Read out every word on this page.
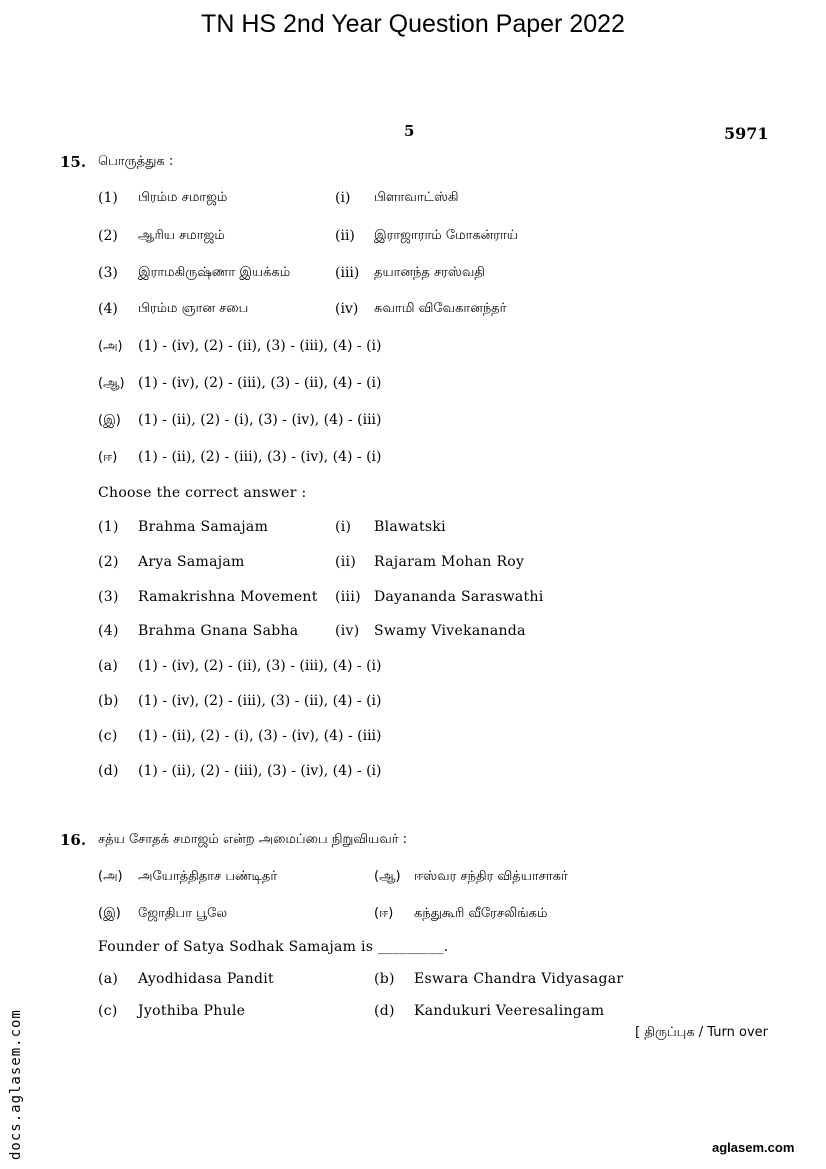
TN HS 2nd Year Question Paper 2022
5	5971
15. பொருத்துக :
(1) பிரம்ம சமாஜம்	(i) பிளாவாட்ஸ்கி
(2) ஆரிய சமாஜம்	(ii) இராஜாராம் மோகன்ராய்
(3) இராமகிருஷ்ணா இயக்கம்	(iii) தயானந்த சரஸ்வதி
(4) பிரம்ம ஞான சபை	(iv) சுவாமி விவேகானந்தர்
(அ) (1) - (iv), (2) - (ii), (3) - (iii), (4) - (i)
(ஆ) (1) - (iv), (2) - (iii), (3) - (ii), (4) - (i)
(இ) (1) - (ii), (2) - (i), (3) - (iv), (4) - (iii)
(ஈ) (1) - (ii), (2) - (iii), (3) - (iv), (4) - (i)
Choose the correct answer :
(1) Brahma Samajam	(i) Blawatski
(2) Arya Samajam	(ii) Rajaram Mohan Roy
(3) Ramakrishna Movement (iii) Dayananda Saraswathi
(4) Brahma Gnana Sabha	(iv) Swamy Vivekananda
(a) (1) - (iv), (2) - (ii), (3) - (iii), (4) - (i)
(b) (1) - (iv), (2) - (iii), (3) - (ii), (4) - (i)
(c) (1) - (ii), (2) - (i), (3) - (iv), (4) - (iii)
(d) (1) - (ii), (2) - (iii), (3) - (iv), (4) - (i)
16. சத்ய சோதக் சமாஜம் என்ற அமைப்பை நிறுவியவர் :
(அ) அயோத்திதாச பண்டிதர்	(ஆ) ஈஸ்வர சந்திர வித்யாசாகர்
(இ) ஜோதிபா பூலே	(ஈ) கந்துகூரி வீரேசலிங்கம்
Founder of Satya Sodhak Samajam is _________.
(a) Ayodhidasa Pandit	(b) Eswara Chandra Vidyasagar
(c) Jyothiba Phule	(d) Kandukuri Veeresalingam
[ திருப்புக / Turn over
docs.aglasem.com	aglasem.com
